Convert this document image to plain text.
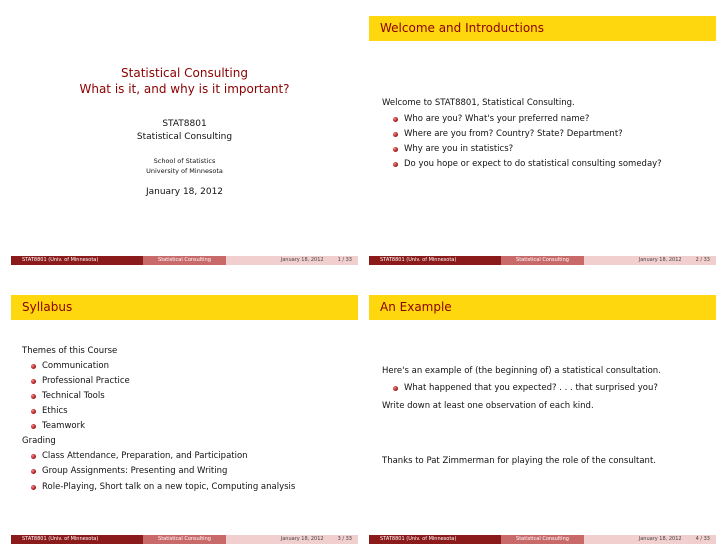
Statistical Consulting
What is it, and why is it important?
STAT8801
Statistical Consulting
School of Statistics
University of Minnesota
January 18, 2012
STAT8801 (Univ. of Minnesota)	Statistical Consulting	January 18, 2012	1 / 33
Welcome and Introductions
Welcome to STAT8801, Statistical Consulting.
Who are you? What's your preferred name?
Where are you from? Country? State? Department?
Why are you in statistics?
Do you hope or expect to do statistical consulting someday?
STAT8801 (Univ. of Minnesota)	Statistical Consulting	January 18, 2012	2 / 33
Syllabus
Themes of this Course
Communication
Professional Practice
Technical Tools
Ethics
Teamwork
Grading
Class Attendance, Preparation, and Participation
Group Assignments: Presenting and Writing
Role-Playing, Short talk on a new topic, Computing analysis
STAT8801 (Univ. of Minnesota)	Statistical Consulting	January 18, 2012	3 / 33
An Example
Here's an example of (the beginning of) a statistical consultation.
What happened that you expected? . . . that surprised you?
Write down at least one observation of each kind.
Thanks to Pat Zimmerman for playing the role of the consultant.
STAT8801 (Univ. of Minnesota)	Statistical Consulting	January 18, 2012	4 / 33
